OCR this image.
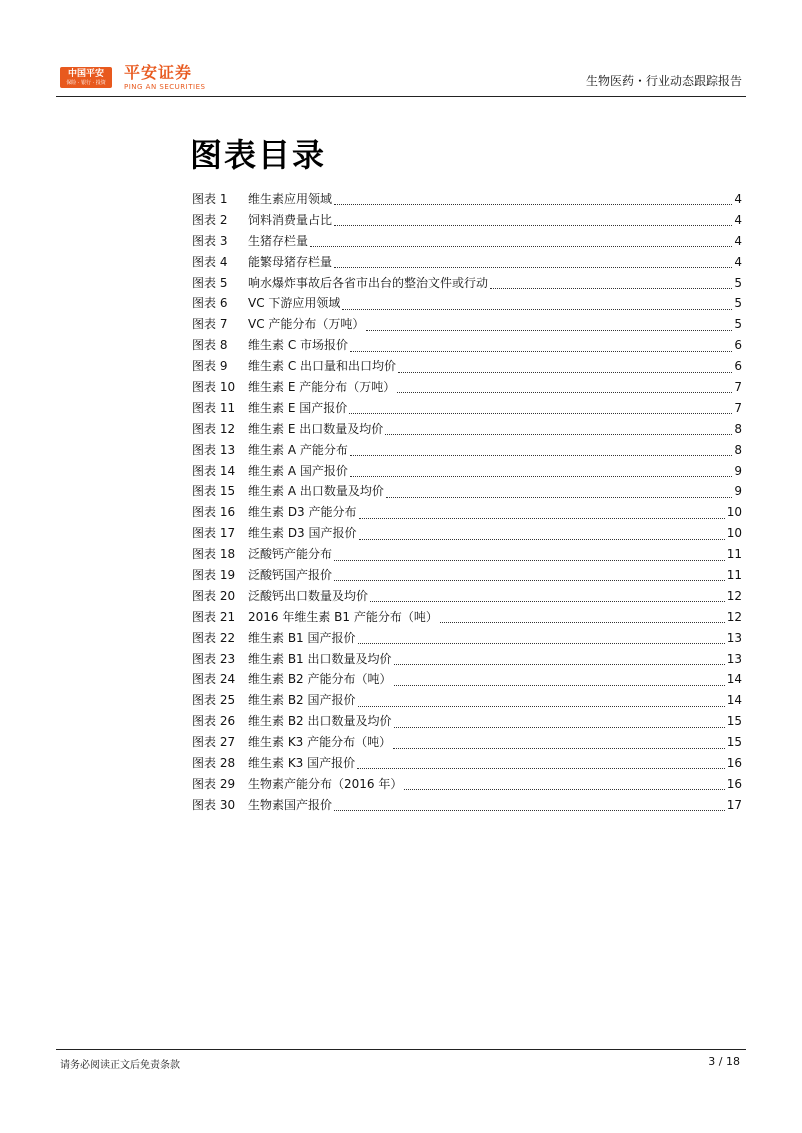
中国平安
保险 · 银行 · 投资
平安证券
PING AN SECURITIES	生物医药・行业动态跟踪报告
图表目录
图表 1	维生素应用领域	4
图表 2	饲料消费量占比	4
图表 3	生猪存栏量	4
图表 4	能繁母猪存栏量	4
图表 5	响水爆炸事故后各省市出台的整治文件或行动	5
图表 6	VC 下游应用领域	5
图表 7	VC 产能分布（万吨）	5
图表 8	维生素 C 市场报价	6
图表 9	维生素 C 出口量和出口均价	6
图表 10	维生素 E 产能分布（万吨）	7
图表 11	维生素 E 国产报价	7
图表 12	维生素 E 出口数量及均价	8
图表 13	维生素 A 产能分布	8
图表 14	维生素 A 国产报价	9
图表 15	维生素 A 出口数量及均价	9
图表 16	维生素 D3 产能分布	10
图表 17	维生素 D3 国产报价	10
图表 18	泛酸钙产能分布	11
图表 19	泛酸钙国产报价	11
图表 20	泛酸钙出口数量及均价	12
图表 21	2016 年维生素 B1 产能分布（吨）	12
图表 22	维生素 B1 国产报价	13
图表 23	维生素 B1 出口数量及均价	13
图表 24	维生素 B2 产能分布（吨）	14
图表 25	维生素 B2 国产报价	14
图表 26	维生素 B2 出口数量及均价	15
图表 27	维生素 K3 产能分布（吨）	15
图表 28	维生素 K3 国产报价	16
图表 29	生物素产能分布（2016 年）	16
图表 30	生物素国产报价	17
请务必阅读正文后免责条款	3 / 18
